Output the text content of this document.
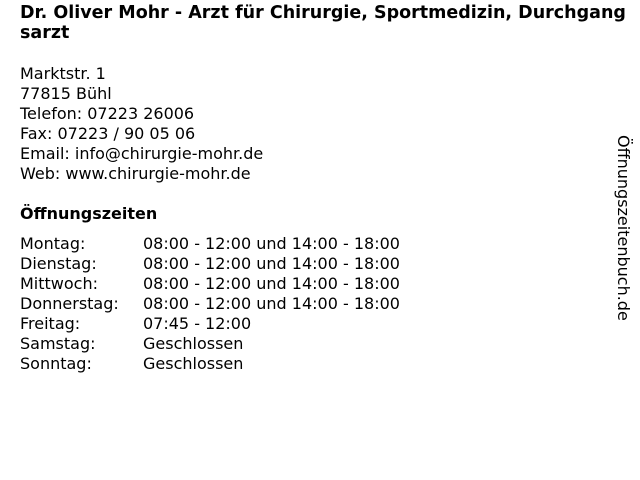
Dr. Oliver Mohr - Arzt für Chirurgie, Sportmedizin, Durchgangsarzt
Marktstr. 1
77815 Bühl
Telefon: 07223 26006
Fax: 07223 / 90 05 06
Email: info@chirurgie-mohr.de
Web: www.chirurgie-mohr.de
Öffnungszeiten
Montag:	08:00 - 12:00 und 14:00 - 18:00
Dienstag:	08:00 - 12:00 und 14:00 - 18:00
Mittwoch:	08:00 - 12:00 und 14:00 - 18:00
Donnerstag: 08:00 - 12:00 und 14:00 - 18:00
Freitag:	07:45 - 12:00
Samstag:	Geschlossen
Sonntag:	Geschlossen
Öffnungszeitenbuch.de
